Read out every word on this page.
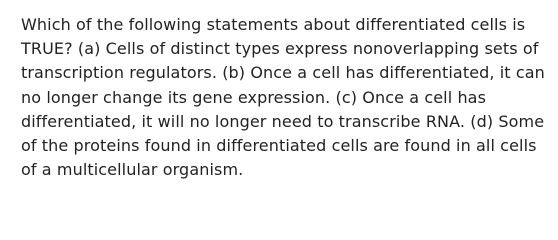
Which of the following statements about differentiated cells is
TRUE? (a) Cells of distinct types express nonoverlapping sets of
transcription regulators. (b) Once a cell has differentiated, it can
no longer change its gene expression. (c) Once a cell has
differentiated, it will no longer need to transcribe RNA. (d) Some
of the proteins found in differentiated cells are found in all cells
of a multicellular organism.
